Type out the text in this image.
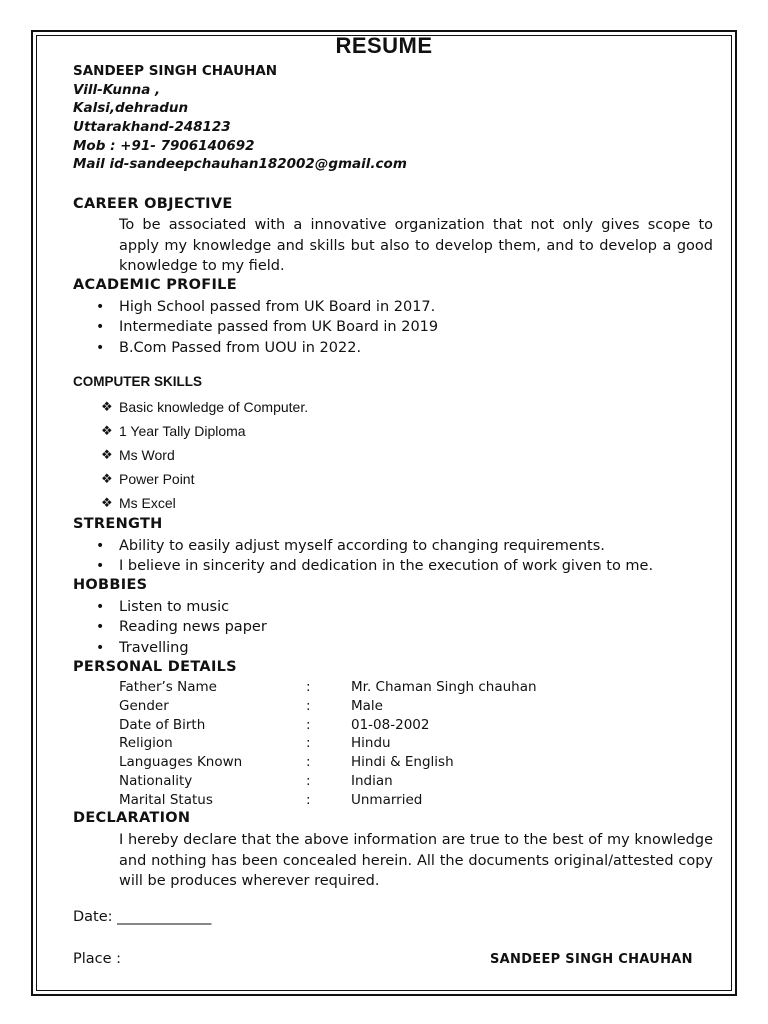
RESUME
SANDEEP SINGH CHAUHAN
Vill-Kunna ,
Kalsi,dehradun
Uttarakhand-248123
Mob : +91- 7906140692
Mail id-sandeepchauhan182002@gmail.com
CAREER OBJECTIVE
To be associated with a innovative organization that not only gives scope to apply my knowledge and skills but also to develop them, and to develop a good knowledge to my field.
ACADEMIC PROFILE
• High School passed from UK Board in 2017.
• Intermediate passed from UK Board in 2019
• B.Com Passed from UOU in 2022.
COMPUTER SKILLS
❖ Basic knowledge of Computer.
❖ 1 Year Tally Diploma
❖ Ms Word
❖ Power Point
❖ Ms Excel
STRENGTH
• Ability to easily adjust myself according to changing requirements.
• I believe in sincerity and dedication in the execution of work given to me.
HOBBIES
• Listen to music
• Reading news paper
• Travelling
PERSONAL DETAILS
Father’s Name	:	Mr. Chaman Singh chauhan
Gender	:	Male
Date of Birth	:	01-08-2002
Religion	:	Hindu
Languages Known	:	Hindi & English
Nationality	:	Indian
Marital Status	:	Unmarried
DECLARATION
I hereby declare that the above information are true to the best of my knowledge and nothing has been concealed herein. All the documents original/attested copy will be produces wherever required.
Date: _____________
Place :	SANDEEP SINGH CHAUHAN
